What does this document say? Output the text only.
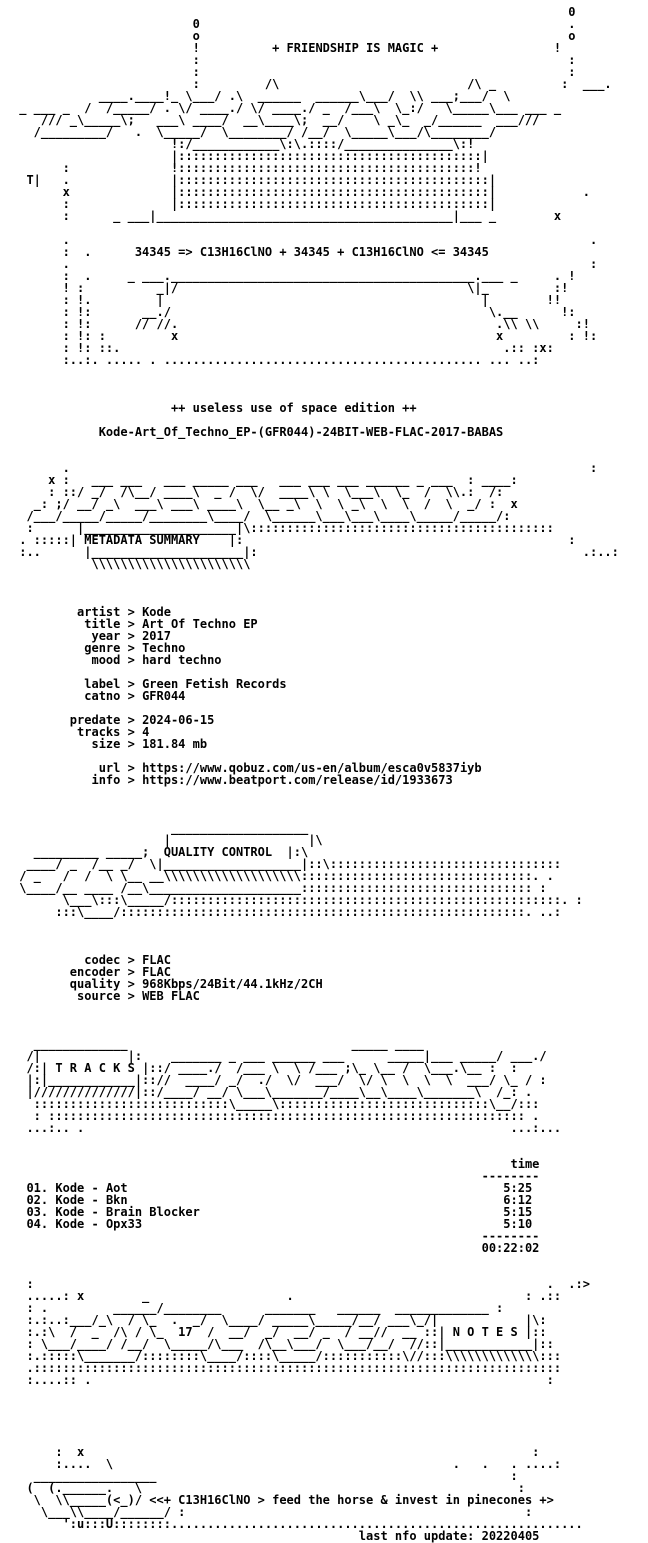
0
0                                                   .
o                                                   o
!          + FRIENDSHIP IS MAGIC +                !
:                                                   :
:                                                   :
:         /\                          /\ _         :  ___.
____.____!_ \___/ .\  ______  ______\___/  \\ ___;___/  \
_ ___ _  /  /_____/ . \/ ____./ \/ ____./ _  /___\  \_:/   \_____\___ ___ _
/// _\_____\;   ___\ ____/  __\____\;  __/    \ _\_  _/______  ___///
/_________/   .  \_____/  \________/ /__/  \_____\___/\________/
!:/____________\:\.::::/_______________\:!
|::::::::::::::::::::::::::::::::::::::::::|
:              !:::::::::::::::::::::::::::::::::::::::::!
T|   .              |:::::::::::::::::::::::::::::::::::::::::::|
x              |:::::::::::::::::::::::::::::::::::::::::::|            .
:              |:::::::::::::::::::::::::::::::::::::::::::|
:      _ ___|_________________________________________|___ _        x
.                                                                        .
:  .      34345 => C13H16ClNO + 34345 + C13H16ClNO <= 34345
.                                                                        :
:  .     _ ___.__________________________________________.___ _     . !
! :          _|/                                        \|_         :!
: !.         |                                            |        !!
: !:       __./                                            \.__      !:
: !:      // //.                                            .\\ \\     :!
: !: :         x                                            x         : !:
: !: ::.                                                     .:: :x:
:..:. ..... . ............................................ ... ..:
++ useless use of space edition ++
Kode-Art_Of_Techno_EP-(GFR044)-24BIT-WEB-FLAC-2017-BABAS
.                                                                        :
x :   ___ ___   ___ _____ ___   ___ ___ ___ ______ _ ___  : ____:
: ::/ _/  /\__/ ____\  _ /  \/  ____\ \  \___\  \_  /  \\.:  /:
_: ;/ __/ _\  ___\ ___\ ____\  \__ _\  \  \ _\  \  \  /  \  _/ :  x
/___/_____/_____/________\____/  \______\___\___\____\_____/_____/:
:      |_____________________|\::::::::::::::::::::::::::::::::::::::::::
. :::::| METADATA SUMMARY    |:                                             :
:..      |_____________________|:                                             .:..:
\\\\\\\\\\\\\\\\\\\\\\
artist > Kode
title > Art Of Techno EP
year > 2017
genre > Techno
mood > hard techno
label > Green Fetish Records
catno > GFR044
predate > 2024-06-15
tracks > 4
size > 181.84 mb
url > https://www.qobuz.com/us-en/album/esca0v5837iyb
info > https://www.beatport.com/release/id/1933673
___________________
|                   |\
_________ _____;  QUALITY CONTROL  |:\
____/ _  /__ _/  \|___________________|::\::::::::::::::::::::::::::::::::
/ _   /  /  \ \__ __\\\\\\\\\\\\\\\\\\\::::::::::::::::::::::::::::::::. .
\____/__ ____ /__\_____________________:::::::::::::::::::::::::::::::: :
\___\:::\_____/::::::::::::::::::::::::::::::::::::::::::::::::::::::. :
:::\____/::::::::::::::::::::::::::::::::::::::::::::::::::::::::. ..:
codec > FLAC
encoder > FLAC
quality > 968Kbps/24Bit/44.1kHz/2CH
source > WEB FLAC
_____________                               _____ ____
/|            |:    _______ _ ___ ______ ___      _____|___ _____/ ___./
/:| T R A C K S |::/ ____./  /___ \  \ /___ ;\_ \__ /  \___.\__ :  :
|:|____________|:://  ____/ _/  ./  \/  ___/  \/ \  \  \  \  ___/ \_ / :
|//////////////|::/____/ __/ \___\_______/____\__\____\_______\  /_: .
:::::::::::::::::::::::::::\_____\:::::::::::::::::::::::::::::\__/:::
: :::::::::::::::::::::::::::::::::::::::::::::::::::::::::::::::::: .
...:.. .                                                           ...:...
time
--------
01. Kode - Aot                                                    5:25
02. Kode - Bkn                                                    6:12
03. Kode - Brain Blocker                                          5:15
04. Kode - Opx33                                                  5:10
--------
00:22:02
:                                                                       .  .:>
.....: x        _                   .                                : .::
: .         ______/________      _______   ______  _____________ :
:.:..:___/_\  / \_  .  _/  \____/ _____\_____/__/ ___\_/|            |\:
:.:\  /  _  /\ / \_  17  /  __/  _/  __/ _  / __//  __ ::| N O T E S |::
: \___/____/ /__/  \_____/\___  /\__\___/  \___/__/  //::|____________|::
:.:::::\_______/::::::::\____/::::\_____/:::::::::::\//:::\\\\\\\\\\\\\:::
.:::::::::::::::::::::::::::::::::::::::::::::::::::::::::::::::::::::::::
:....:: .                                                               :
:  x                                                              :
:....  \                                               .   .   . ....:
_________________                                                 :
(  (.______.   \                                                    :
\  \\_____(<_)/ <<+ C13H16ClNO > feed the horse & invest in pinecones +>
\___\\____/______/ :                                               :
':u:::U::::::::.........................................................
last nfo update: 20220405
